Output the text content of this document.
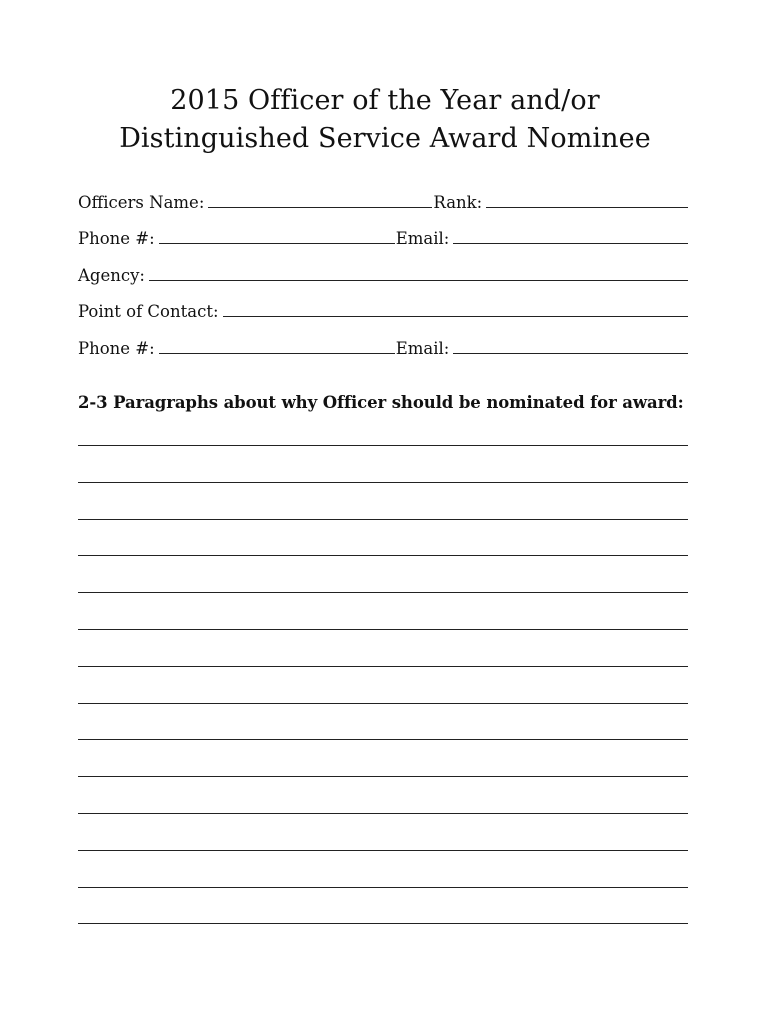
2015 Officer of the Year and/or
Distinguished Service Award Nominee
Officers Name:	Rank:
Phone #:	Email:
Agency:
Point of Contact:
Phone #:	Email:
2-3 Paragraphs about why Officer should be nominated for award:
